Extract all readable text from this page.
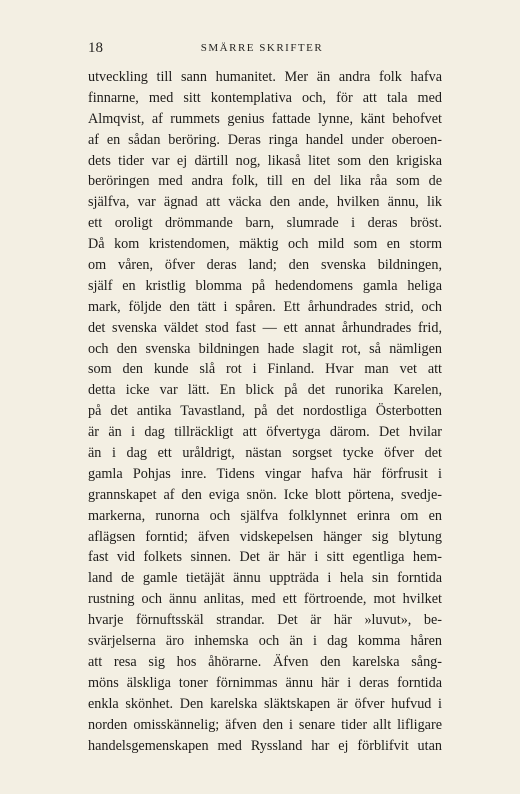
18	SMÄRRE SKRIFTER
utveckling till sann humanitet. Mer än andra folk hafva
finnarne, med sitt kontemplativa och, för att tala med
Almqvist, af rummets genius fattade lynne, känt behofvet
af en sådan beröring. Deras ringa handel under oberoen-
dets tider var ej därtill nog, likaså litet som den krigiska
beröringen med andra folk, till en del lika råa som de
själfva, var ägnad att väcka den ande, hvilken ännu, lik
ett oroligt drömmande barn, slumrade i deras bröst.
Då kom kristendomen, mäktig och mild som en storm
om våren, öfver deras land; den svenska bildningen,
själf en kristlig blomma på hedendomens gamla heliga
mark, följde den tätt i spåren. Ett århundrades strid, och
det svenska väldet stod fast — ett annat århundrades frid,
och den svenska bildningen hade slagit rot, så nämligen
som den kunde slå rot i Finland. Hvar man vet att
detta icke var lätt. En blick på det runorika Karelen,
på det antika Tavastland, på det nordostliga Österbotten
är än i dag tillräckligt att öfvertyga därom. Det hvilar
än i dag ett uråldrigt, nästan sorgset tycke öfver det
gamla Pohjas inre. Tidens vingar hafva här förfrusit i
grannskapet af den eviga snön. Icke blott pörtena, svedje-
markerna, runorna och själfva folklynnet erinra om en
aflägsen forntid; äfven vidskepelsen hänger sig blytung
fast vid folkets sinnen. Det är här i sitt egentliga hem-
land de gamle tietäjät ännu uppträda i hela sin forntida
rustning och ännu anlitas, med ett förtroende, mot hvilket
hvarje förnuftsskäl strandar. Det är här »luvut», be-
svärjelserna äro inhemska och än i dag komma håren
att resa sig hos åhörarne. Äfven den karelska sång-
möns älskliga toner förnimmas ännu här i deras forntida
enkla skönhet. Den karelska släktskapen är öfver hufvud i
norden omisskännelig; äfven den i senare tider allt lifligare
handelsgemenskapen med Ryssland har ej förblifvit utan
